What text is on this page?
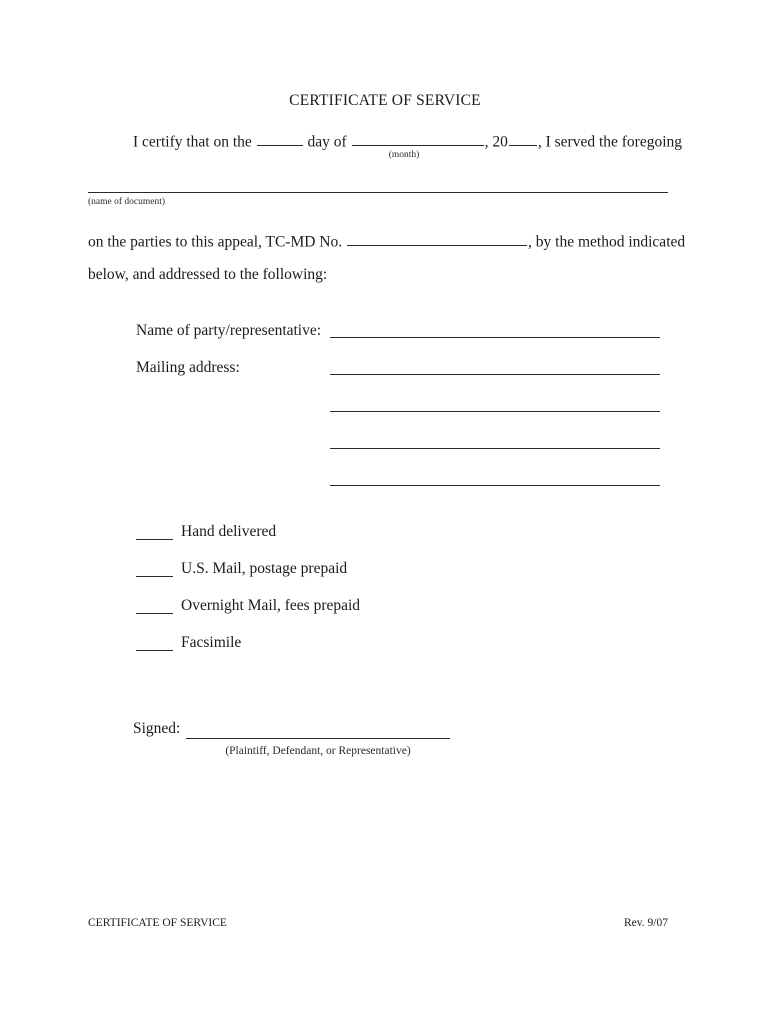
CERTIFICATE OF SERVICE
I certify that on the	day of	, 20 , I served the foregoing
(month)
(name of document)
on the parties to this appeal, TC-MD No.	, by the method indicated
below, and addressed to the following:
Name of party/representative:
Mailing address:
Hand delivered
U.S. Mail, postage prepaid
Overnight Mail, fees prepaid
Facsimile
Signed:
(Plaintiff, Defendant, or Representative)
CERTIFICATE OF SERVICE	Rev. 9/07
